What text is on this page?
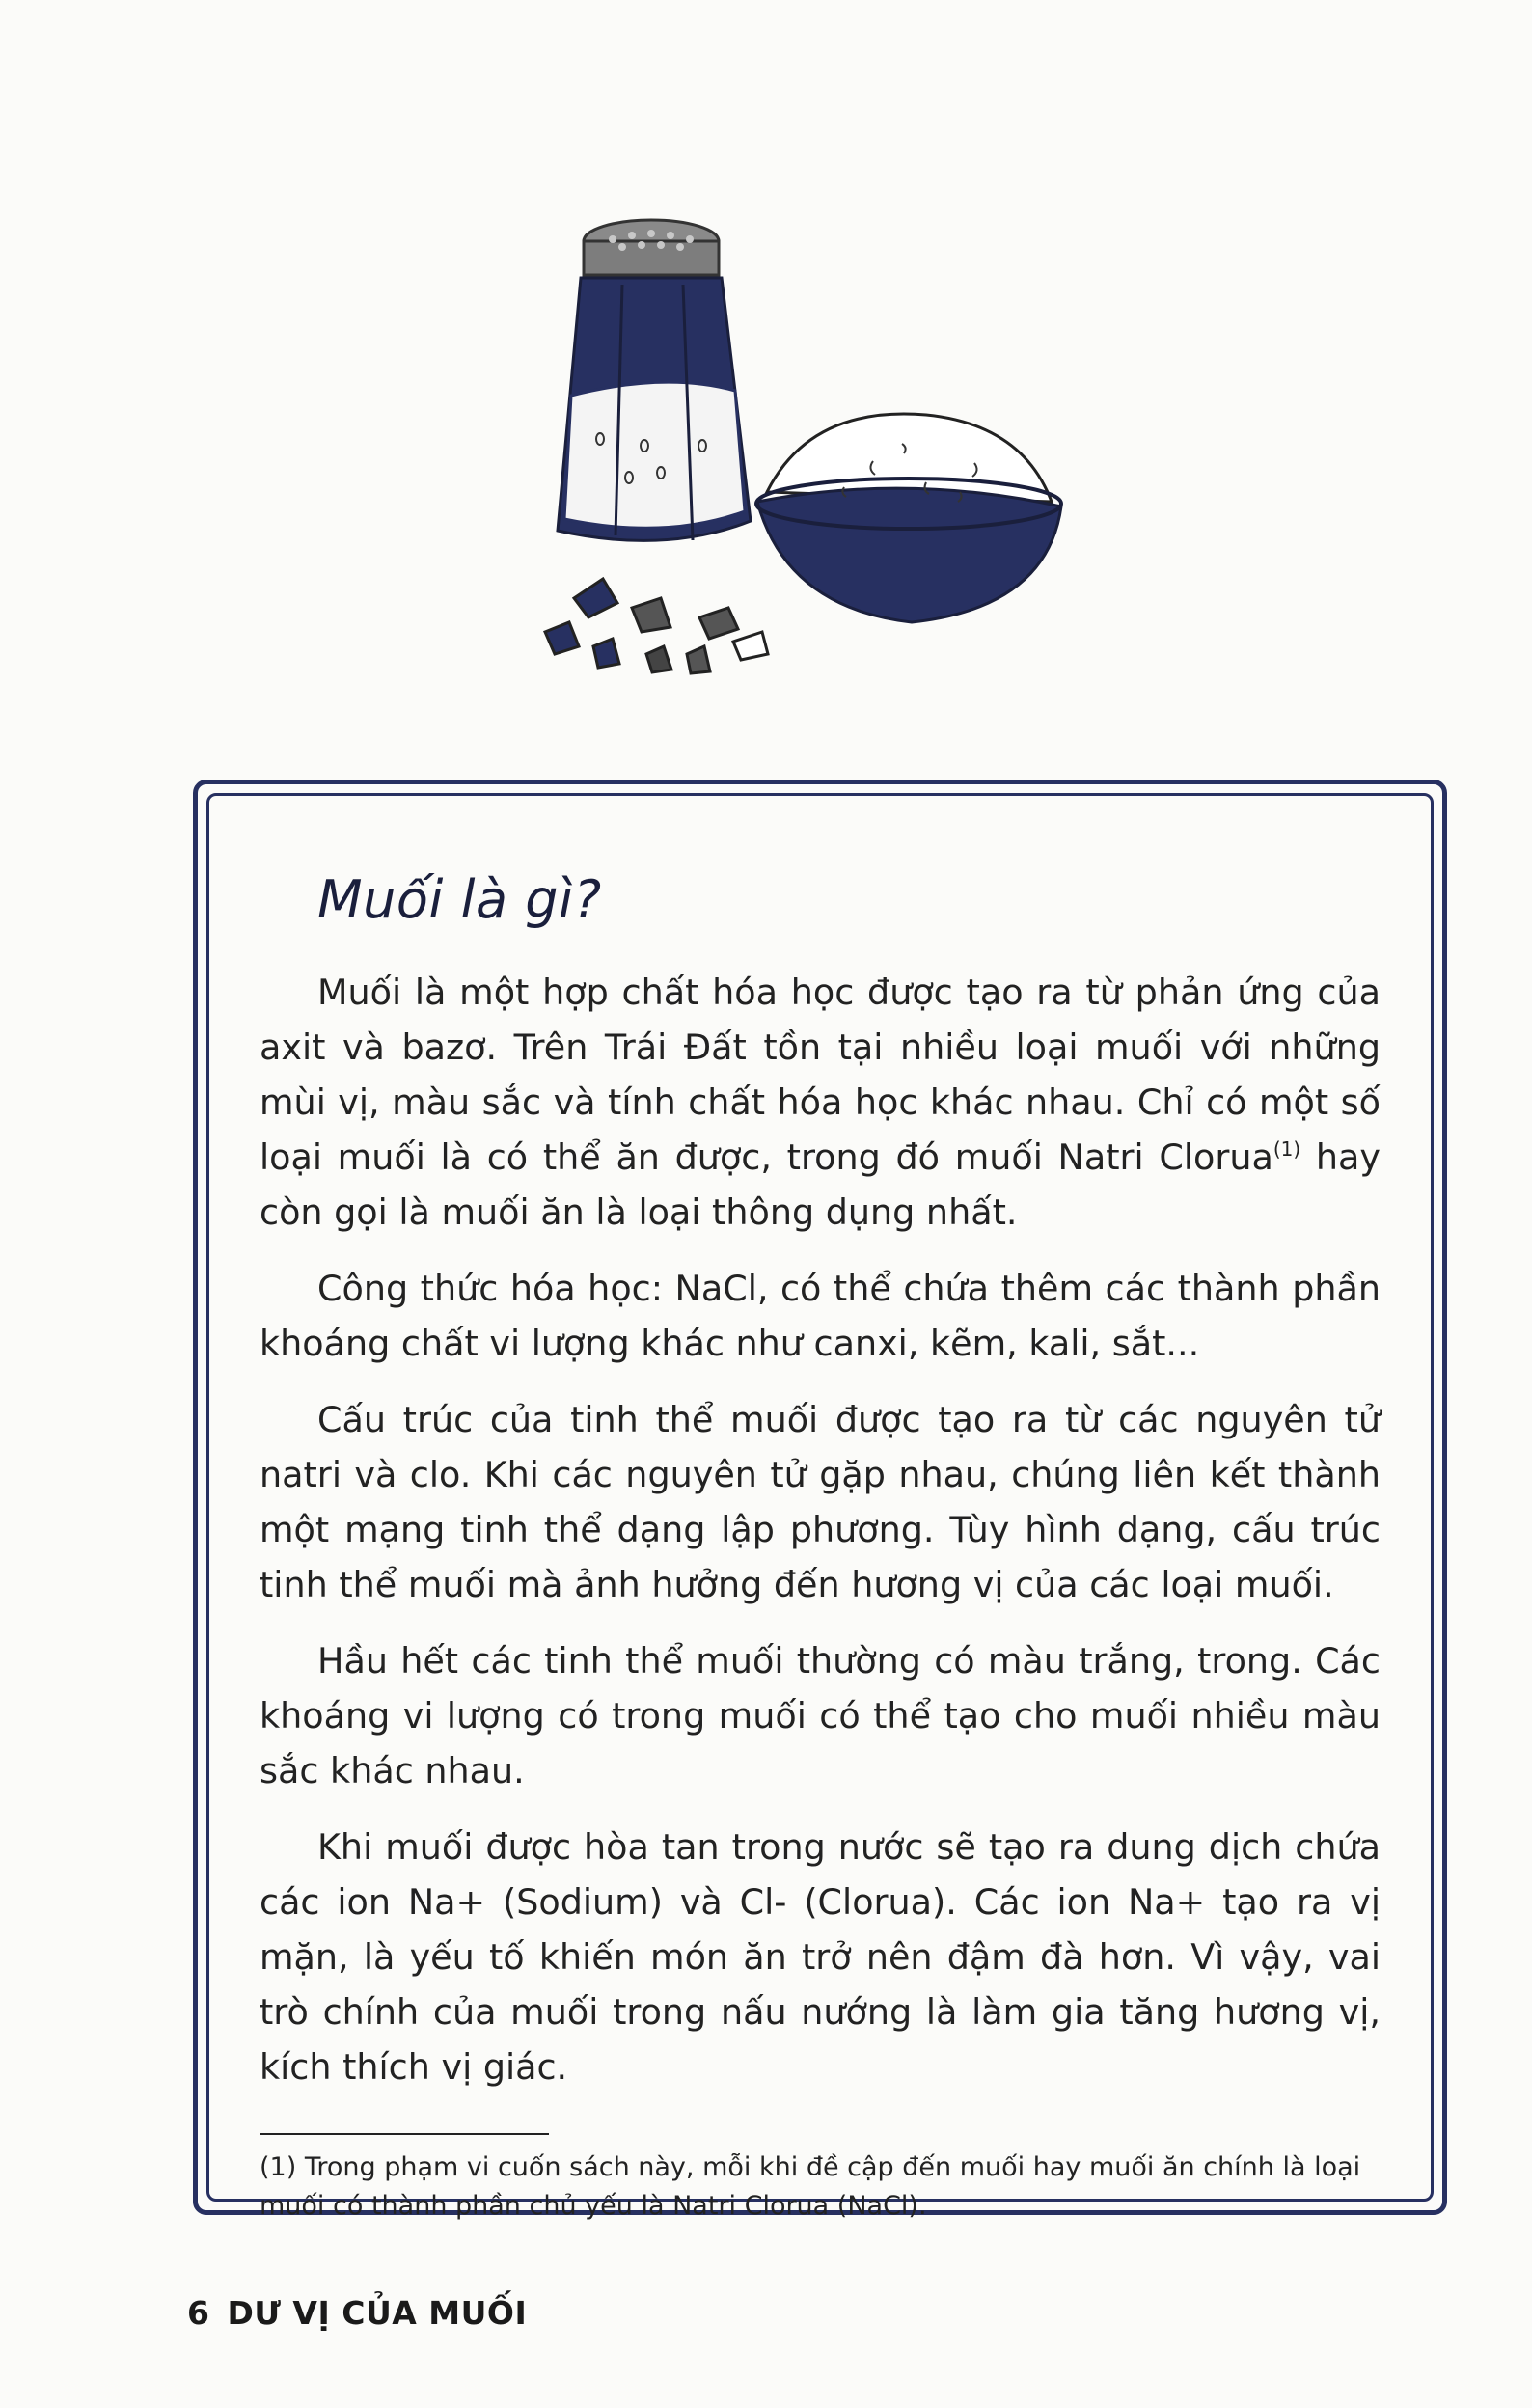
Muối là gì?

Muối là một hợp chất hóa học được tạo ra từ phản ứng của axit và bazơ. Trên Trái Đất tồn tại nhiều loại muối với những mùi vị, màu sắc và tính chất hóa học khác nhau. Chỉ có một số loại muối là có thể ăn được, trong đó muối Natri Clorua$^{(1)}$ hay còn gọi là muối ăn là loại thông dụng nhất.

Công thức hóa học: NaCl, có thể chứa thêm các thành phần khoáng chất vi lượng khác như canxi, kẽm, kali, sắt...

Cấu trúc của tinh thể muối được tạo ra từ các nguyên tử natri và clo. Khi các nguyên tử gặp nhau, chúng liên kết thành một mạng tinh thể dạng lập phương. Tùy hình dạng, cấu trúc tinh thể muối mà ảnh hưởng đến hương vị của các loại muối.

Hầu hết các tinh thể muối thường có màu trắng, trong. Các khoáng vi lượng có trong muối có thể tạo cho muối nhiều màu sắc khác nhau.

Khi muối được hòa tan trong nước sẽ tạo ra dung dịch chứa các ion Na+ (Sodium) và Cl- (Clorua). Các ion Na+ tạo ra vị mặn, là yếu tố khiến món ăn trở nên đậm đà hơn. Vì vậy, vai trò chính của muối trong nấu nướng là làm gia tăng hương vị, kích thích vị giác.

(1) Trong phạm vi cuốn sách này, mỗi khi đề cập đến muối hay muối ăn chính là loại muối có thành phần chủ yếu là Natri Clorua (NaCl).

6 DƯ VỊ CỦA MUỐI
